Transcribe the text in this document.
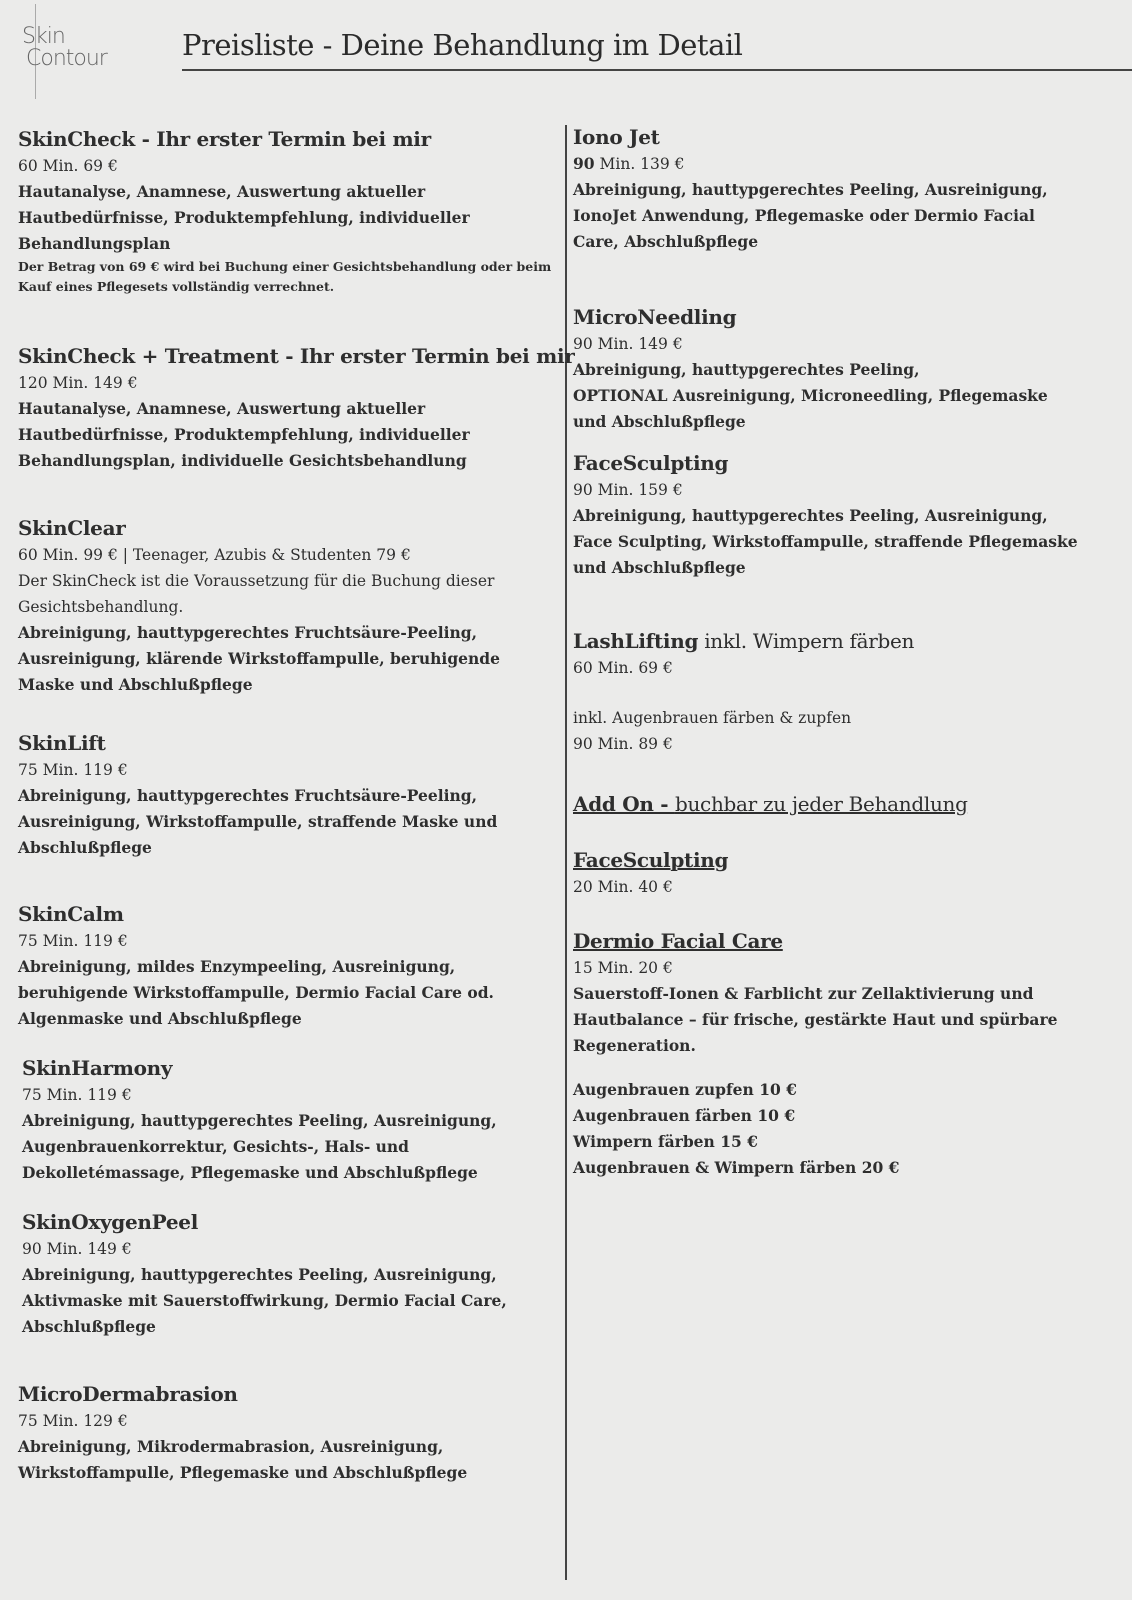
Skin
Contour	Preisliste - Deine Behandlung im Detail
SkinCheck - Ihr erster Termin bei mir
60 Min. 69 €
Hautanalyse, Anamnese, Auswertung aktueller
Hautbedürfnisse, Produktempfehlung, individueller
Behandlungsplan
Der Betrag von 69 € wird bei Buchung einer Gesichtsbehandlung oder beim
Kauf eines Pflegesets vollständig verrechnet.
SkinCheck + Treatment - Ihr erster Termin bei mir
120 Min. 149 €
Hautanalyse, Anamnese, Auswertung aktueller
Hautbedürfnisse, Produktempfehlung, individueller
Behandlungsplan, individuelle Gesichtsbehandlung
SkinClear
60 Min. 99 € | Teenager, Azubis & Studenten 79 €
Der SkinCheck ist die Voraussetzung für die Buchung dieser
Gesichtsbehandlung.
Abreinigung, hauttypgerechtes Fruchtsäure-Peeling,
Ausreinigung, klärende Wirkstoffampulle, beruhigende
Maske und Abschlußpflege
SkinLift
75 Min. 119 €
Abreinigung, hauttypgerechtes Fruchtsäure-Peeling,
Ausreinigung, Wirkstoffampulle, straffende Maske und
Abschlußpflege
SkinCalm
75 Min. 119 €
Abreinigung, mildes Enzympeeling, Ausreinigung,
beruhigende Wirkstoffampulle, Dermio Facial Care od.
Algenmaske und Abschlußpflege
SkinHarmony
75 Min. 119 €
Abreinigung, hauttypgerechtes Peeling, Ausreinigung,
Augenbrauenkorrektur, Gesichts-, Hals- und
Dekolletémassage, Pflegemaske und Abschlußpflege
SkinOxygenPeel
90 Min. 149 €
Abreinigung, hauttypgerechtes Peeling, Ausreinigung,
Aktivmaske mit Sauerstoffwirkung, Dermio Facial Care,
Abschlußpflege
MicroDermabrasion
75 Min. 129 €
Abreinigung, Mikrodermabrasion, Ausreinigung,
Wirkstoffampulle, Pflegemaske und Abschlußpflege
Iono Jet
90 Min. 139 €
Abreinigung, hauttypgerechtes Peeling, Ausreinigung,
IonoJet Anwendung, Pflegemaske oder Dermio Facial
Care, Abschlußpflege
MicroNeedling
90 Min. 149 €
Abreinigung, hauttypgerechtes Peeling,
OPTIONAL Ausreinigung, Microneedling, Pflegemaske
und Abschlußpflege
FaceSculpting
90 Min. 159 €
Abreinigung, hauttypgerechtes Peeling, Ausreinigung,
Face Sculpting, Wirkstoffampulle, straffende Pflegemaske
und Abschlußpflege
LashLifting inkl. Wimpern färben
60 Min. 69 €
inkl. Augenbrauen färben & zupfen
90 Min. 89 €
Add On - buchbar zu jeder Behandlung
FaceSculpting
20 Min. 40 €
Dermio Facial Care
15 Min. 20 €
Sauerstoff-Ionen & Farblicht zur Zellaktivierung und
Hautbalance – für frische, gestärkte Haut und spürbare
Regeneration.
Augenbrauen zupfen 10 €
Augenbrauen färben 10 €
Wimpern färben 15 €
Augenbrauen & Wimpern färben 20 €
